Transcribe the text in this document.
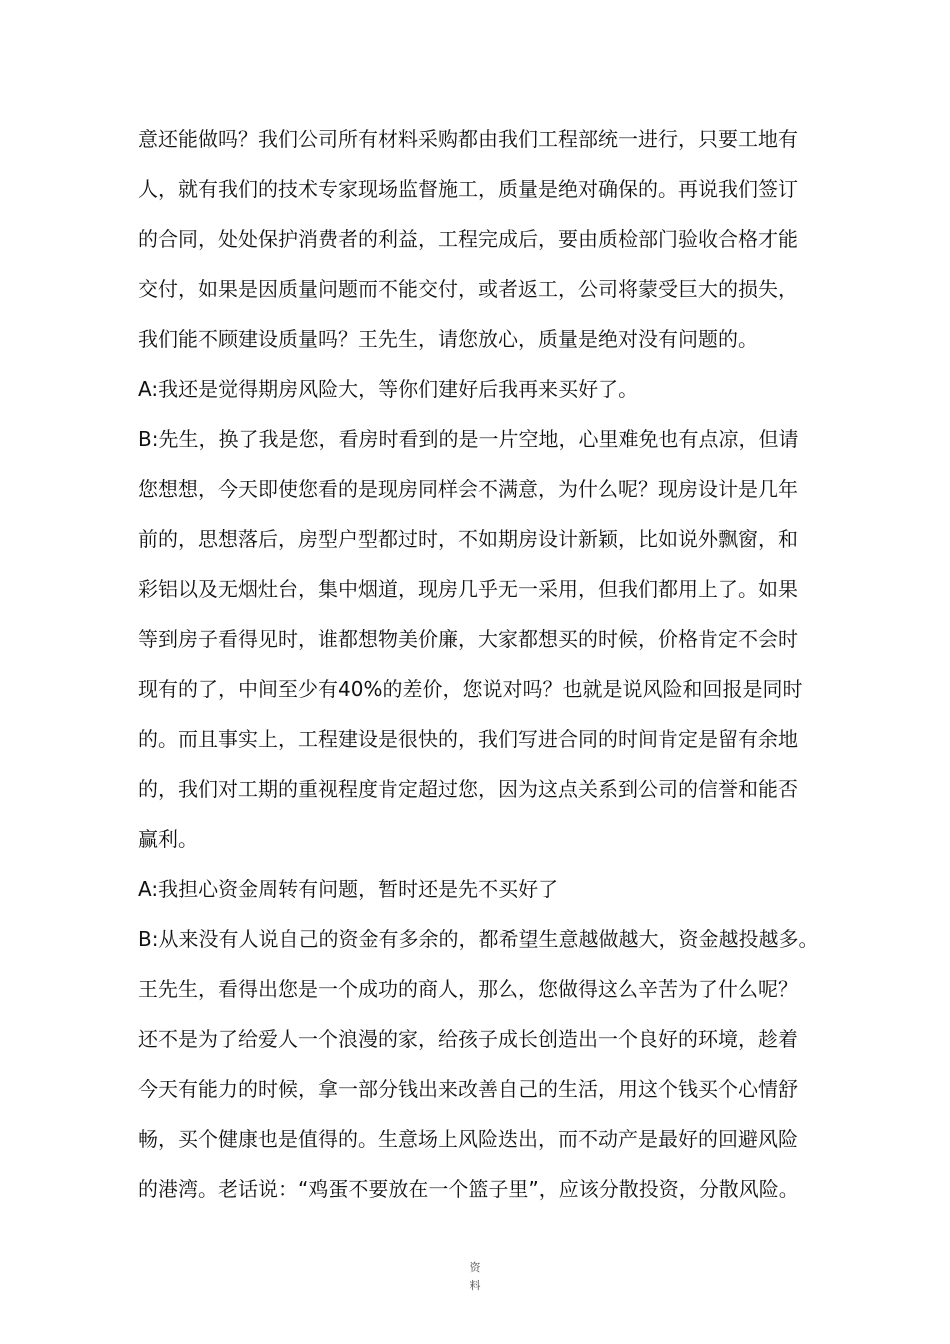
意还能做吗？我们公司所有材料采购都由我们工程部统一进行，只要工地有
人，就有我们的技术专家现场监督施工，质量是绝对确保的。再说我们签订
的合同，处处保护消费者的利益，工程完成后，要由质检部门验收合格才能
交付，如果是因质量问题而不能交付，或者返工，公司将蒙受巨大的损失，
我们能不顾建设质量吗？王先生，请您放心，质量是绝对没有问题的。
A:我还是觉得期房风险大，等你们建好后我再来买好了。
B:先生，换了我是您，看房时看到的是一片空地，心里难免也有点凉，但请
您想想，今天即使您看的是现房同样会不满意，为什么呢？现房设计是几年
前的，思想落后，房型户型都过时，不如期房设计新颖，比如说外飘窗，和
彩铝以及无烟灶台，集中烟道，现房几乎无一采用，但我们都用上了。如果
等到房子看得见时，谁都想物美价廉，大家都想买的时候，价格肯定不会时
现有的了，中间至少有40%的差价，您说对吗？也就是说风险和回报是同时
的。而且事实上，工程建设是很快的，我们写进合同的时间肯定是留有余地
的，我们对工期的重视程度肯定超过您，因为这点关系到公司的信誉和能否
赢利。
A:我担心资金周转有问题，暂时还是先不买好了
B:从来没有人说自己的资金有多余的，都希望生意越做越大，资金越投越多。
王先生，看得出您是一个成功的商人，那么，您做得这么辛苦为了什么呢？
还不是为了给爱人一个浪漫的家，给孩子成长创造出一个良好的环境，趁着
今天有能力的时候，拿一部分钱出来改善自己的生活，用这个钱买个心情舒
畅，买个健康也是值得的。生意场上风险迭出，而不动产是最好的回避风险
的港湾。老话说：“鸡蛋不要放在一个篮子里”，应该分散投资，分散风险。
资
料
